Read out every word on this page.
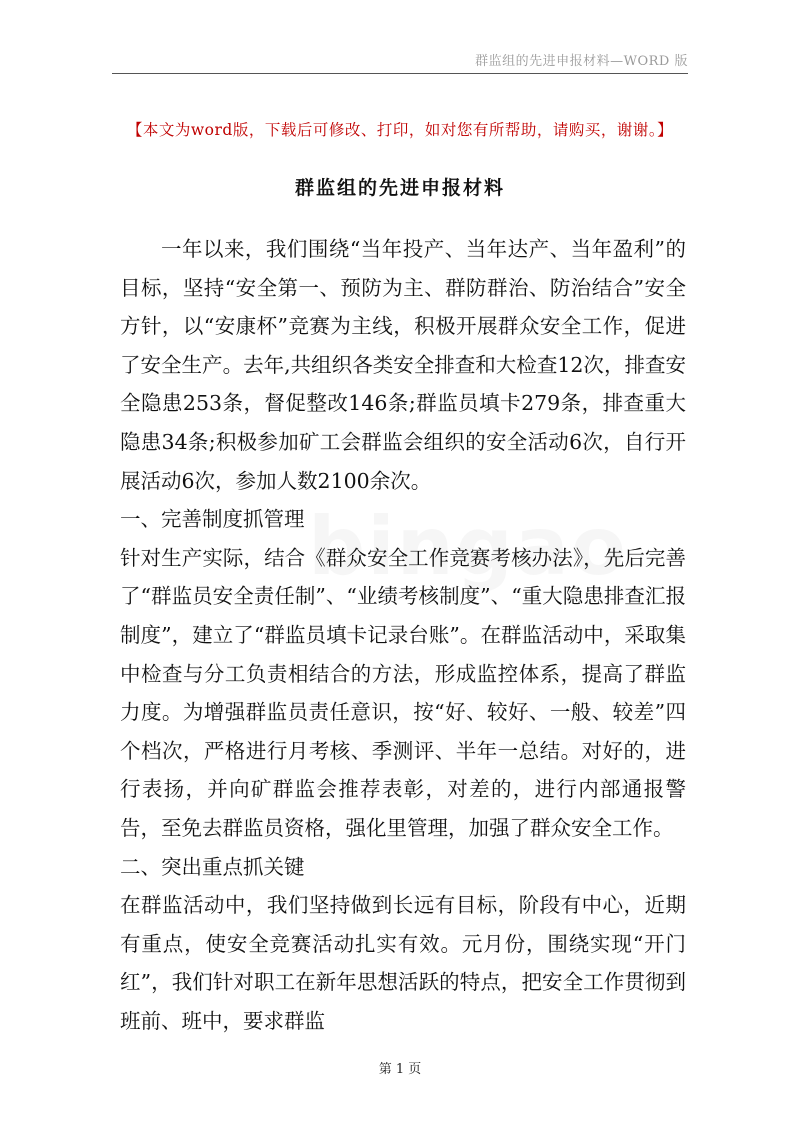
群监组的先进申报材料—WORD 版
【本文为word版，下载后可修改、打印，如对您有所帮助，请购买，谢谢。】
群监组的先进申报材料

一年以来，我们围绕“当年投产、当年达产、当年盈利”的目标，坚持“安全第一、预防为主、群防群治、防治结合”安全方针，以“安康杯”竞赛为主线，积极开展群众安全工作，促进了安全生产。去年,共组织各类安全排查和大检查12次，排查安全隐患253条，督促整改146条;群监员填卡279条，排查重大隐患34条;积极参加矿工会群监会组织的安全活动6次，自行开展活动6次，参加人数2100余次。

一、完善制度抓管理

针对生产实际，结合《群众安全工作竞赛考核办法》，先后完善了“群监员安全责任制”、“业绩考核制度”、“重大隐患排查汇报制度”，建立了“群监员填卡记录台账”。在群监活动中，采取集中检查与分工负责相结合的方法，形成监控体系，提高了群监力度。为增强群监员责任意识，按“好、较好、一般、较差”四个档次，严格进行月考核、季测评、半年一总结。对好的，进行表扬，并向矿群监会推荐表彰，对差的，进行内部通报警告，至免去群监员资格，强化里管理，加强了群众安全工作。

二、突出重点抓关键

在群监活动中，我们坚持做到长远有目标，阶段有中心，近期有重点，使安全竞赛活动扎实有效。元月份，围绕实现“开门红”，我们针对职工在新年思想活跃的特点，把安全工作贯彻到班前、班中，要求群监

第 1 页
